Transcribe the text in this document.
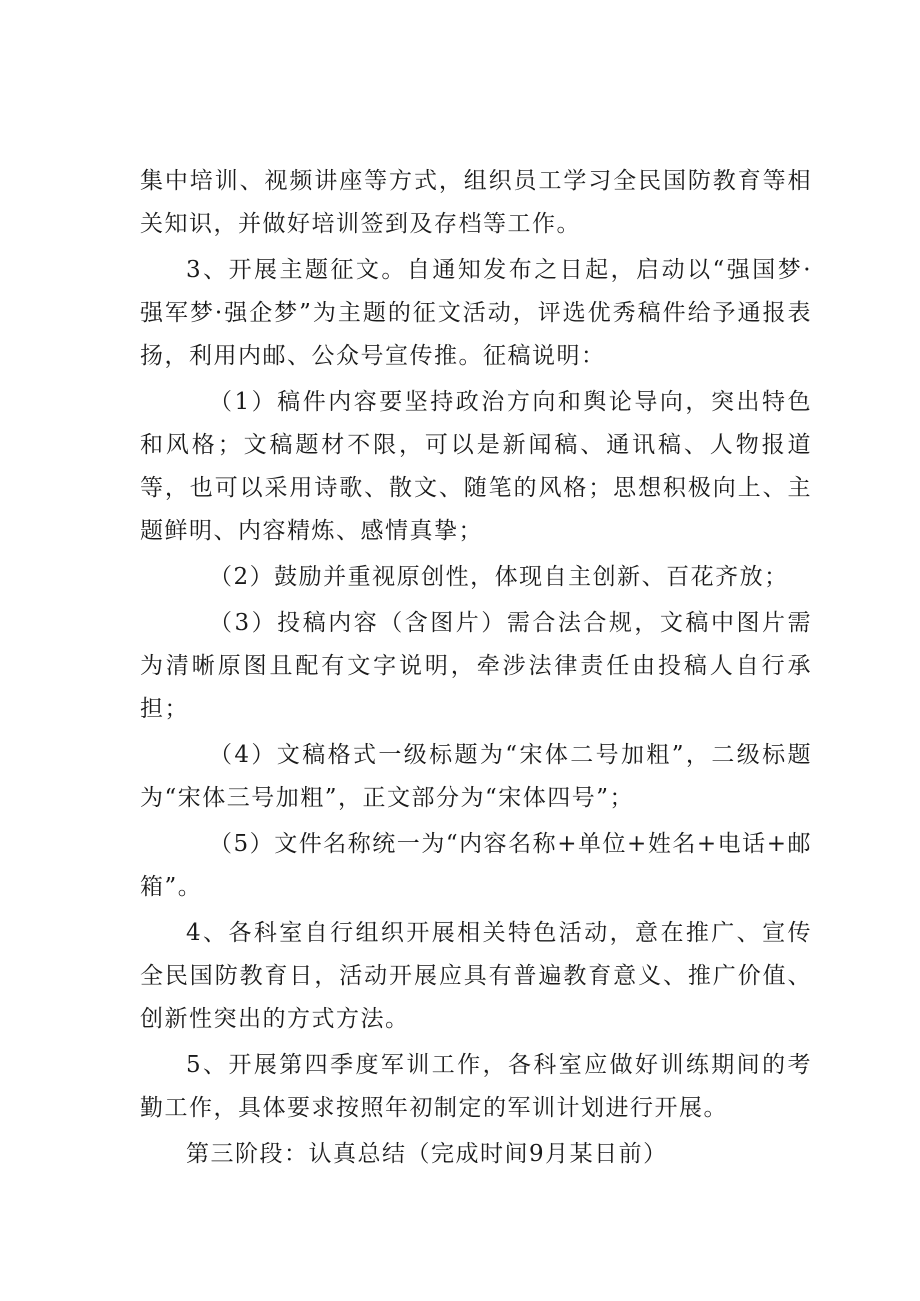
集中培训、视频讲座等方式，组织员工学习全民国防教育等相关知识，并做好培训签到及存档等工作。

3、开展主题征文。自通知发布之日起，启动以“强国梦·强军梦·强企梦”为主题的征文活动，评选优秀稿件给予通报表扬，利用内邮、公众号宣传推。征稿说明：

（1）稿件内容要坚持政治方向和舆论导向，突出特色和风格；文稿题材不限，可以是新闻稿、通讯稿、人物报道等，也可以采用诗歌、散文、随笔的风格；思想积极向上、主题鲜明、内容精炼、感情真挚；

（2）鼓励并重视原创性，体现自主创新、百花齐放；

（3）投稿内容（含图片）需合法合规，文稿中图片需为清晰原图且配有文字说明，牵涉法律责任由投稿人自行承担；

（4）文稿格式一级标题为“宋体二号加粗”，二级标题为“宋体三号加粗”，正文部分为“宋体四号”；

（5）文件名称统一为“内容名称+单位+姓名+电话+邮箱”。

4、各科室自行组织开展相关特色活动，意在推广、宣传全民国防教育日，活动开展应具有普遍教育意义、推广价值、创新性突出的方式方法。

5、开展第四季度军训工作，各科室应做好训练期间的考勤工作，具体要求按照年初制定的军训计划进行开展。

第三阶段：认真总结（完成时间9月某日前）
